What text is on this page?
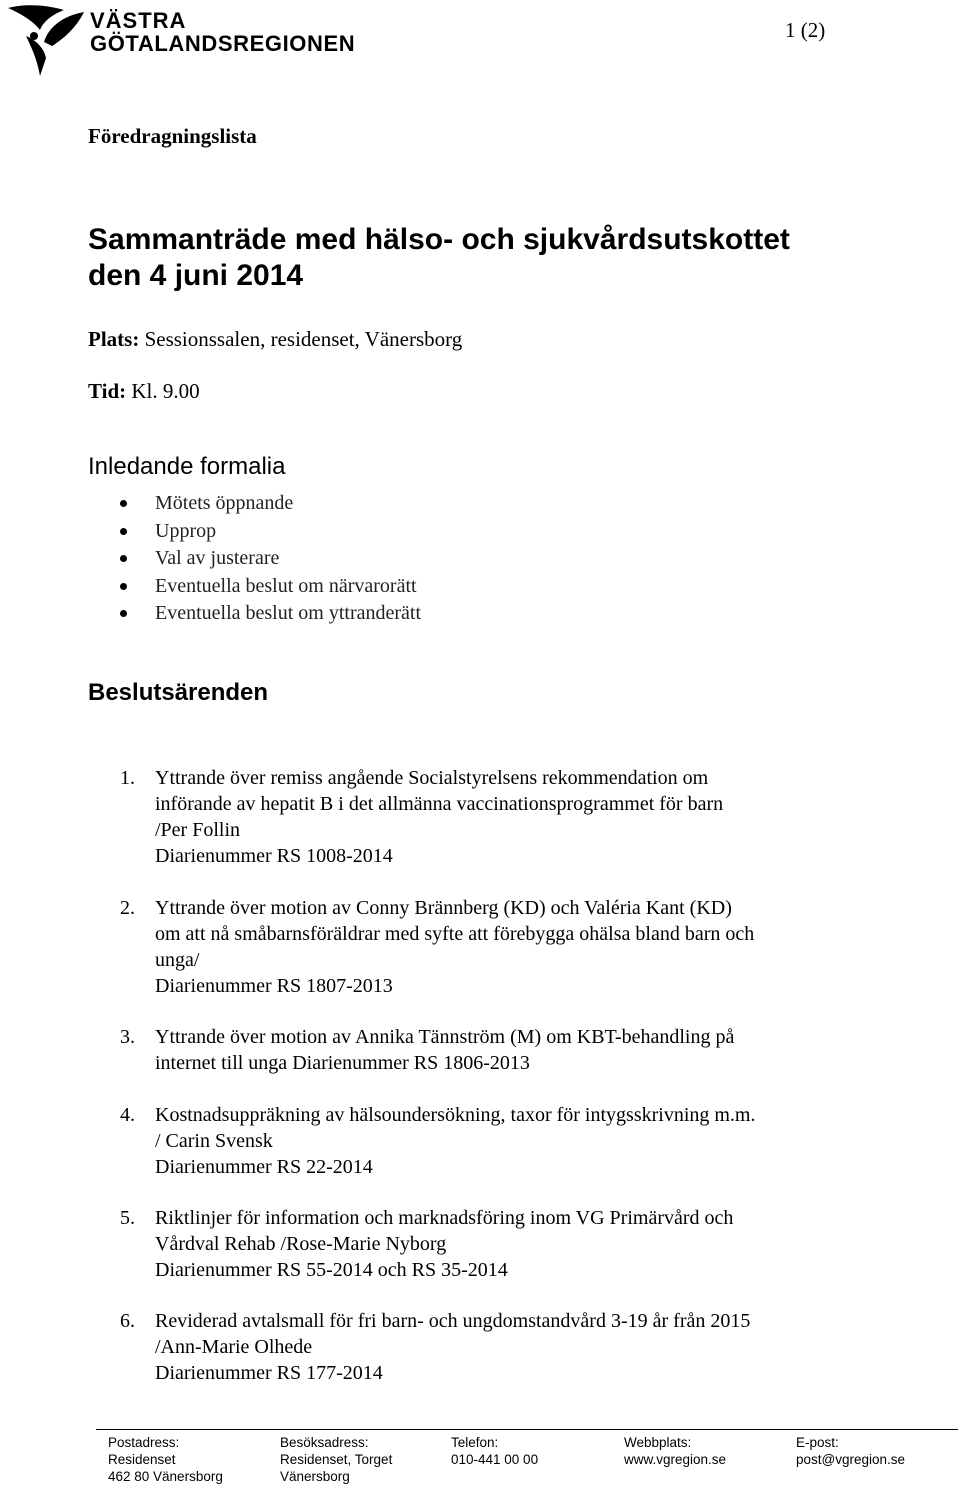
VÄSTRA
GÖTALANDSREGIONEN
1 (2)
Föredragningslista
Sammanträde med hälso- och sjukvårdsutskottet
den 4 juni 2014
Plats: Sessionssalen, residenset, Vänersborg
Tid: Kl. 9.00
Inledande formalia
Mötets öppnande
Upprop
Val av justerare
Eventuella beslut om närvarorätt
Eventuella beslut om yttranderätt
Beslutsärenden
1. Yttrande över remiss angående Socialstyrelsens rekommendation om
införande av hepatit B i det allmänna vaccinationsprogrammet för barn
/Per Follin
Diarienummer RS 1008-2014
2. Yttrande över motion av Conny Brännberg (KD) och Valéria Kant (KD)
om att nå småbarnsföräldrar med syfte att förebygga ohälsa bland barn och
unga/
Diarienummer RS 1807-2013
3. Yttrande över motion av Annika Tännström (M) om KBT-behandling på
internet till unga Diarienummer RS 1806-2013
4. Kostnadsuppräkning av hälsoundersökning, taxor för intygsskrivning m.m.
/ Carin Svensk
Diarienummer RS 22-2014
5. Riktlinjer för information och marknadsföring inom VG Primärvård och
Vårdval Rehab /Rose-Marie Nyborg
Diarienummer RS 55-2014 och RS 35-2014
6. Reviderad avtalsmall för fri barn- och ungdomstandvård 3-19 år från 2015
/Ann-Marie Olhede
Diarienummer RS 177-2014
Postadress:
Residenset
462 80 Vänersborg
Besöksadress:
Residenset, Torget
Vänersborg
Telefon:
010-441 00 00
Webbplats:
www.vgregion.se
E-post:
post@vgregion.se
